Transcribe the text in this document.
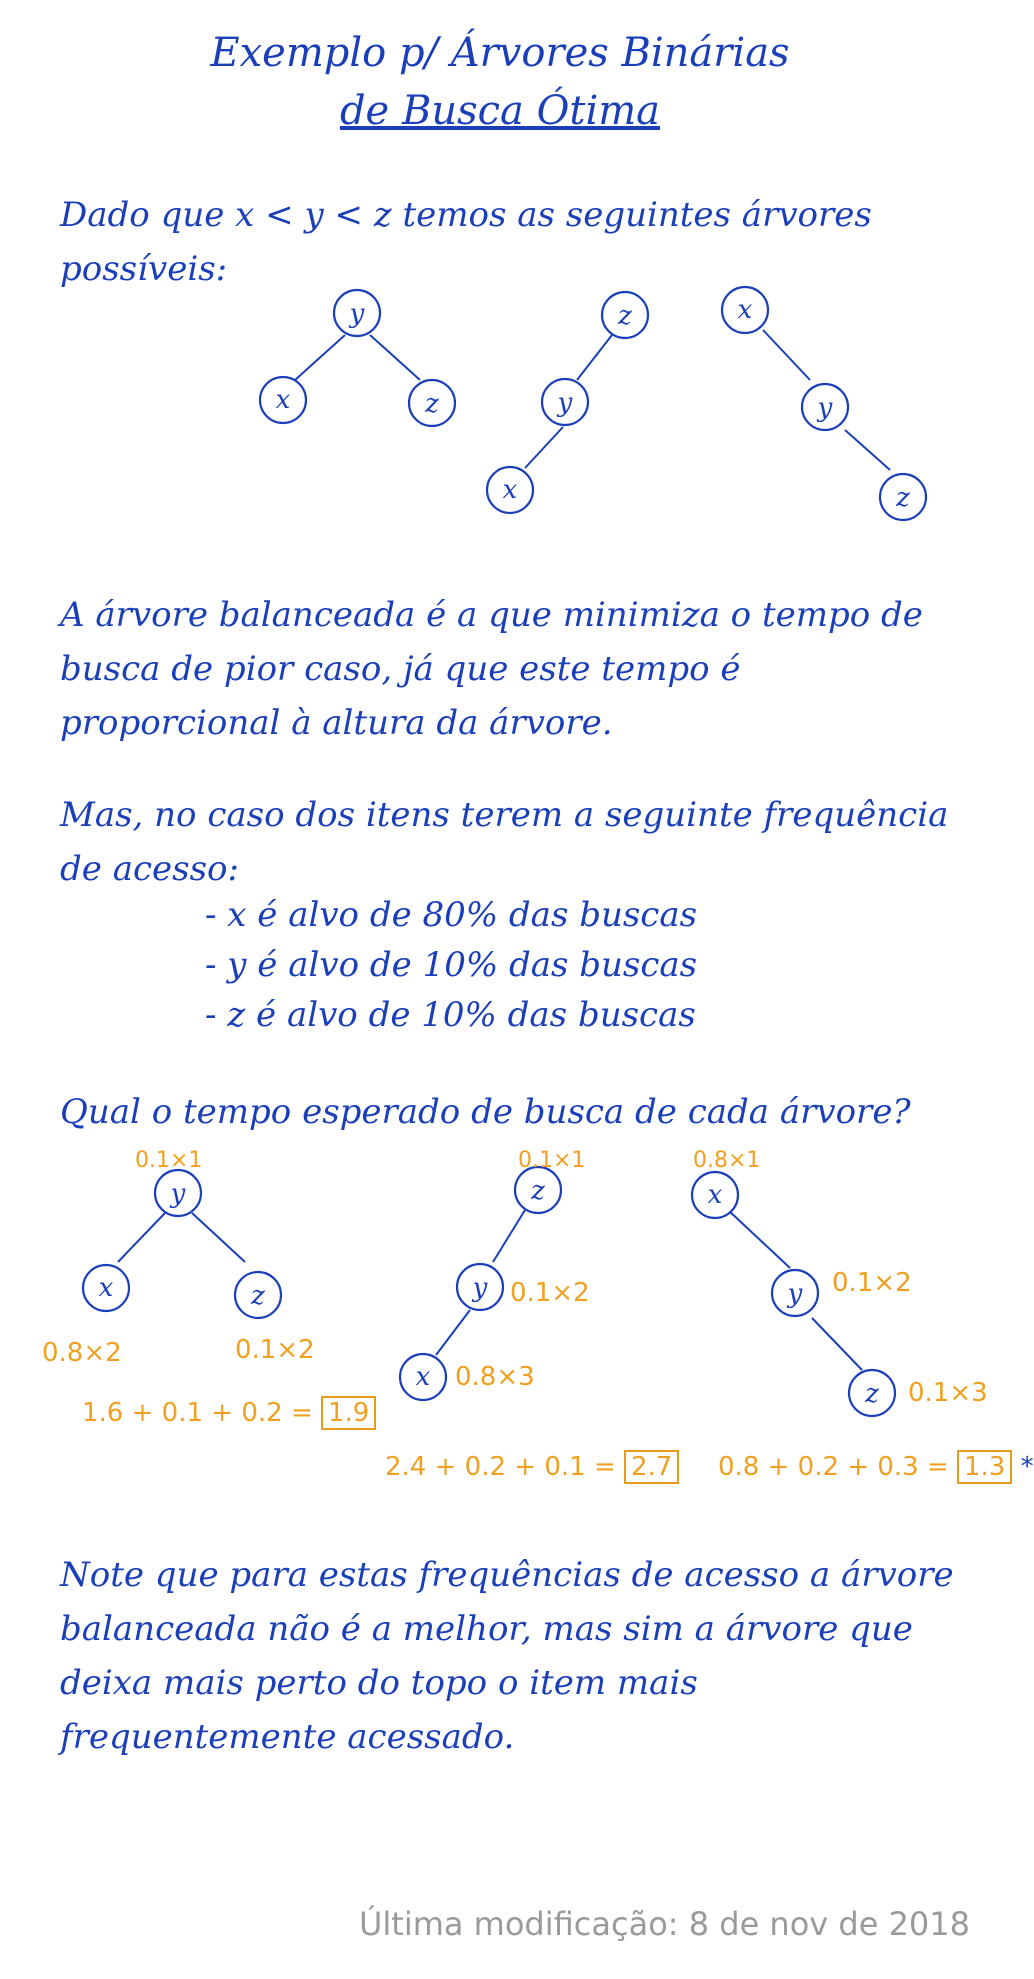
Exemplo p/ Árvores Binárias
de Busca Ótima
Dado que x < y < z temos as seguintes árvores possíveis:
y
x	z
z
y
x
x
y
z
y
x	z
z
y
x
x
y
z
A árvore balanceada é a que minimiza o tempo de busca de pior caso, já que este tempo é proporcional à altura da árvore.
Mas, no caso dos itens terem a seguinte frequência de acesso:
- x é alvo de 80% das buscas
- y é alvo de 10% das buscas
- z é alvo de 10% das buscas
Qual o tempo esperado de busca de cada árvore?
0.1×1
0.8×2	0.1×2
1.6 + 0.1 + 0.2 = 1.9
0.1×1
0.1×2
0.8×3
2.4 + 0.2 + 0.1 = 2.7
0.8×1
0.1×2
0.1×3
0.8 + 0.2 + 0.3 = 1.3 *
Note que para estas frequências de acesso a árvore balanceada não é a melhor, mas sim a árvore que deixa mais perto do topo o item mais frequentemente acessado.
Última modificação: 8 de nov de 2018
